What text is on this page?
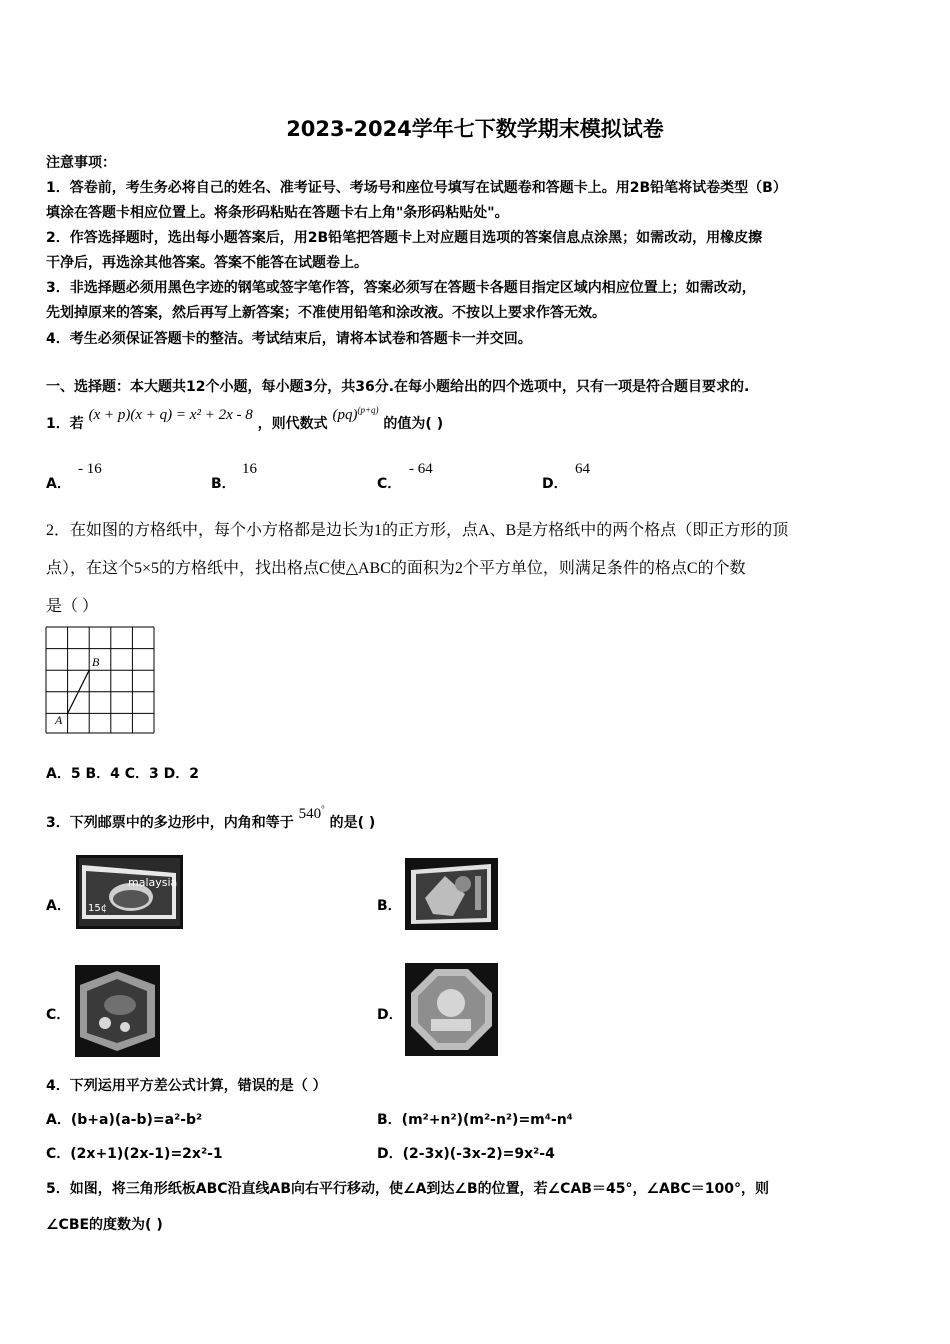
2023-2024学年七下数学期末模拟试卷
注意事项：
1．答卷前，考生务必将自己的姓名、准考证号、考场号和座位号填写在试题卷和答题卡上。用2B铅笔将试卷类型（B）
填涂在答题卡相应位置上。将条形码粘贴在答题卡右上角"条形码粘贴处"。
2．作答选择题时，选出每小题答案后，用2B铅笔把答题卡上对应题目选项的答案信息点涂黑；如需改动，用橡皮擦
干净后，再选涂其他答案。答案不能答在试题卷上。
3．非选择题必须用黑色字迹的钢笔或签字笔作答，答案必须写在答题卡各题目指定区域内相应位置上；如需改动，
先划掉原来的答案，然后再写上新答案；不准使用铅笔和涂改液。不按以上要求作答无效。
4．考生必须保证答题卡的整洁。考试结束后，请将本试卷和答题卡一并交回。
一、选择题：本大题共12个小题，每小题3分，共36分.在每小题给出的四个选项中，只有一项是符合题目要求的.
1．若 (x + p)(x + q) = x² + 2x - 8 ，则代数式 (pq)$^{(p+q)}$ 的值为( )
A．
- 16
B．
16
C．
- 64
D．
64
2．在如图的方格纸中，每个小方格都是边长为1的正方形，点A、B是方格纸中的两个格点（即正方形的顶
点），在这个5×5的方格纸中，找出格点C使△ABC的面积为2个平方单位，则满足条件的格点C的个数
是（ ）
A
B
A．5 B．4 C．3 D．2
3．下列邮票中的多边形中，内角和等于 540° 的是( )
A．
malaysia
15¢	B．
C．	D．
4．下列运用平方差公式计算，错误的是（ ）
A．(b+a)(a-b)=a²-b²	B．(m²+n²)(m²-n²)=m⁴-n⁴
C．(2x+1)(2x-1)=2x²-1	D．(2-3x)(-3x-2)=9x²-4
5．如图，将三角形纸板ABC沿直线AB向右平行移动，使∠A到达∠B的位置，若∠CAB＝45°，∠ABC＝100°，则
∠CBE的度数为( )
